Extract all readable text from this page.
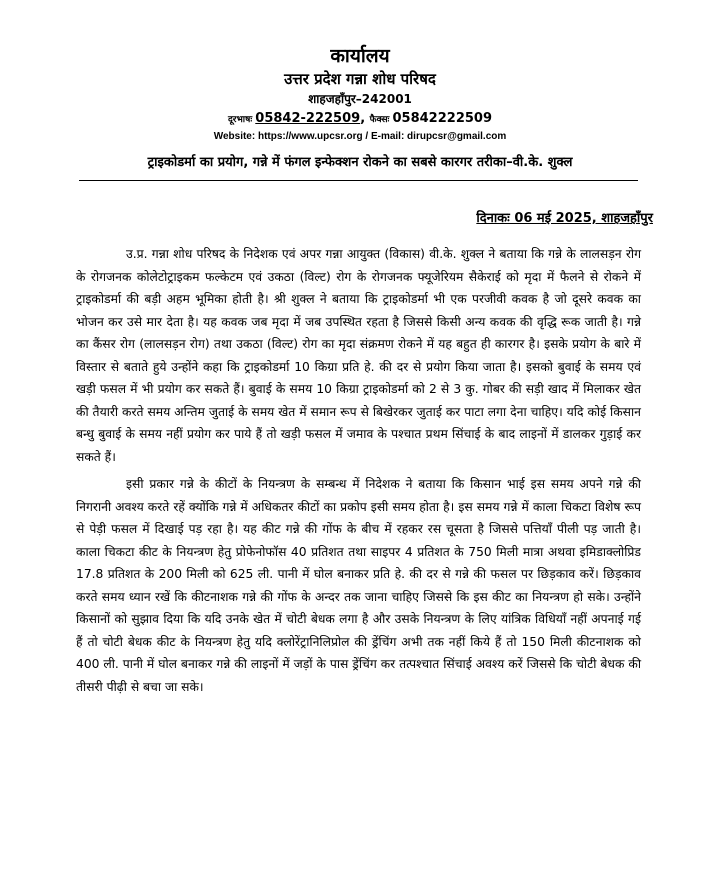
कार्यालय
उत्तर प्रदेश गन्ना शोध परिषद
शाहजहाँपुर–242001
दूरभाषः 05842-222509, फैक्सः 05842222509
Website: https://www.upcsr.org / E-mail: dirupcsr@gmail.com
ट्राइकोडर्मा का प्रयोग, गन्ने में फंगल इन्फेक्शन रोकने का सबसे कारगर तरीका–वी.के. शुक्ल
दिनाकः 06 मई 2025, शाहजहाँपुर

उ.प्र. गन्ना शोध परिषद के निदेशक एवं अपर गन्ना आयुक्त (विकास) वी.के. शुक्ल ने बताया कि गन्ने के लालसड़न रोग के रोगजनक कोलेटोट्राइकम फल्केटम एवं उकठा (विल्ट) रोग के रोगजनक फ्यूजेरियम सैकेराई को मृदा में फैलने से रोकने में ट्राइकोडर्मा की बड़ी अहम भूमिका होती है। श्री शुक्ल ने बताया कि ट्राइकोडर्मा भी एक परजीवी कवक है जो दूसरे कवक का भोजन कर उसे मार देता है। यह कवक जब मृदा में जब उपस्थित रहता है जिससे किसी अन्य कवक की वृद्धि रूक जाती है। गन्ने का कैंसर रोग (लालसड़न रोग) तथा उकठा (विल्ट) रोग का मृदा संक्रमण रोकने में यह बहुत ही कारगर है। इसके प्रयोग के बारे में विस्तार से बताते हुये उन्होंने कहा कि ट्राइकोडर्मा 10 किग्रा प्रति हे. की दर से प्रयोग किया जाता है। इसको बुवाई के समय एवं खड़ी फसल में भी प्रयोग कर सकते हैं। बुवाई के समय 10 किग्रा ट्राइकोडर्मा को 2 से 3 कु. गोबर की सड़ी खाद में मिलाकर खेत की तैयारी करते समय अन्तिम जुताई के समय खेत में समान रूप से बिखेरकर जुताई कर पाटा लगा देना चाहिए। यदि कोई किसान बन्धु बुवाई के समय नहीं प्रयोग कर पाये हैं तो खड़ी फसल में जमाव के पश्चात प्रथम सिंचाई के बाद लाइनों में डालकर गुड़ाई कर सकते हैं।

इसी प्रकार गन्ने के कीटों के नियन्त्रण के सम्बन्ध में निदेशक ने बताया कि किसान भाई इस समय अपने गन्ने की निगरानी अवश्य करते रहें क्योंकि गन्ने में अधिकतर कीटों का प्रकोप इसी समय होता है। इस समय गन्ने में काला चिकटा विशेष रूप से पेड़ी फसल में दिखाई पड़ रहा है। यह कीट गन्ने की गोंफ के बीच में रहकर रस चूसता है जिससे पत्तियाँ पीली पड़ जाती है। काला चिकटा कीट के नियन्त्रण हेतु प्रोफेनोफॉस 40 प्रतिशत तथा साइपर 4 प्रतिशत के 750 मिली मात्रा अथवा इमिडाक्लोप्रिड 17.8 प्रतिशत के 200 मिली को 625 ली. पानी में घोल बनाकर प्रति हे. की दर से गन्ने की फसल पर छिड़काव करें। छिड़काव करते समय ध्यान रखें कि कीटनाशक गन्ने की गोंफ के अन्दर तक जाना चाहिए जिससे कि इस कीट का नियन्त्रण हो सके। उन्होंने किसानों को सुझाव दिया कि यदि उनके खेत में चोटी बेधक लगा है और उसके नियन्त्रण के लिए यांत्रिक विधियाँ नहीं अपनाई गई हैं तो चोटी बेधक कीट के नियन्त्रण हेतु यदि क्लोरेंट्रानिलिप्रोल की ड्रेंचिंग अभी तक नहीं किये हैं तो 150 मिली कीटनाशक को 400 ली. पानी में घोल बनाकर गन्ने की लाइनों में जड़ों के पास ड्रेंचिंग कर तत्पश्चात सिंचाई अवश्य करें जिससे कि चोटी बेधक की तीसरी पीढ़ी से बचा जा सके।
